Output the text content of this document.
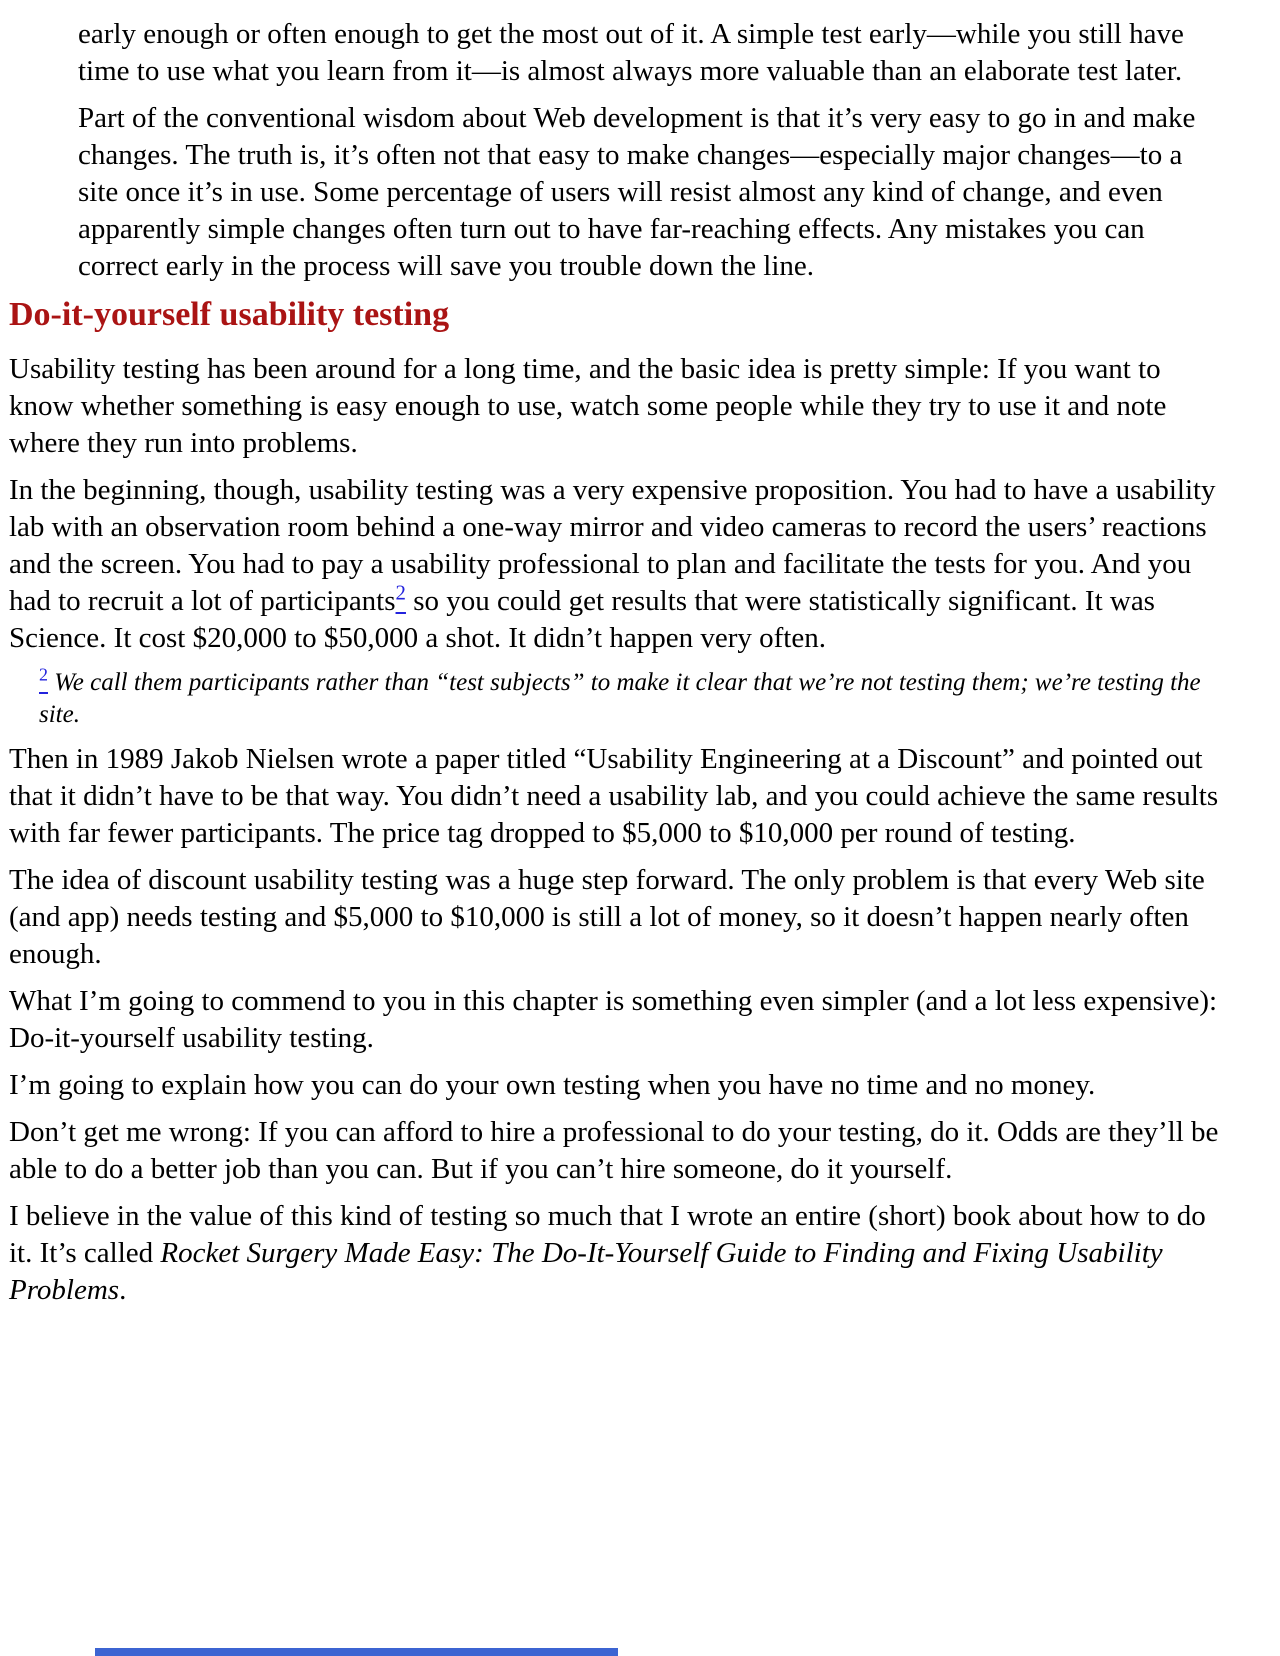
early enough or often enough to get the most out of it. A simple test early—while you still have time to use what you learn from it—is almost always more valuable than an elaborate test later.

Part of the conventional wisdom about Web development is that it’s very easy to go in and make changes. The truth is, it’s often not that easy to make changes—especially major changes—to a site once it’s in use. Some percentage of users will resist almost any kind of change, and even apparently simple changes often turn out to have far-reaching effects. Any mistakes you can correct early in the process will save you trouble down the line.

Do-it-yourself usability testing

Usability testing has been around for a long time, and the basic idea is pretty simple: If you want to know whether something is easy enough to use, watch some people while they try to use it and note where they run into problems.

In the beginning, though, usability testing was a very expensive proposition. You had to have a usability lab with an observation room behind a one-way mirror and video cameras to record the users’ reactions and the screen. You had to pay a usability professional to plan and facilitate the tests for you. And you had to recruit a lot of participants$^2$ so you could get results that were statistically significant. It was Science. It cost $20,000 to $50,000 a shot. It didn’t happen very often.

$^2$ We call them participants rather than “test subjects” to make it clear that we’re not testing them; we’re testing the site.

Then in 1989 Jakob Nielsen wrote a paper titled “Usability Engineering at a Discount” and pointed out that it didn’t have to be that way. You didn’t need a usability lab, and you could achieve the same results with far fewer participants. The price tag dropped to $5,000 to $10,000 per round of testing.

The idea of discount usability testing was a huge step forward. The only problem is that every Web site (and app) needs testing and $5,000 to $10,000 is still a lot of money, so it doesn’t happen nearly often enough.

What I’m going to commend to you in this chapter is something even simpler (and a lot less expensive): Do-it-yourself usability testing.

I’m going to explain how you can do your own testing when you have no time and no money.

Don’t get me wrong: If you can afford to hire a professional to do your testing, do it. Odds are they’ll be able to do a better job than you can. But if you can’t hire someone, do it yourself.

I believe in the value of this kind of testing so much that I wrote an entire (short) book about how to do it. It’s called Rocket Surgery Made Easy: The Do-It-Yourself Guide to Finding and Fixing Usability Problems.
